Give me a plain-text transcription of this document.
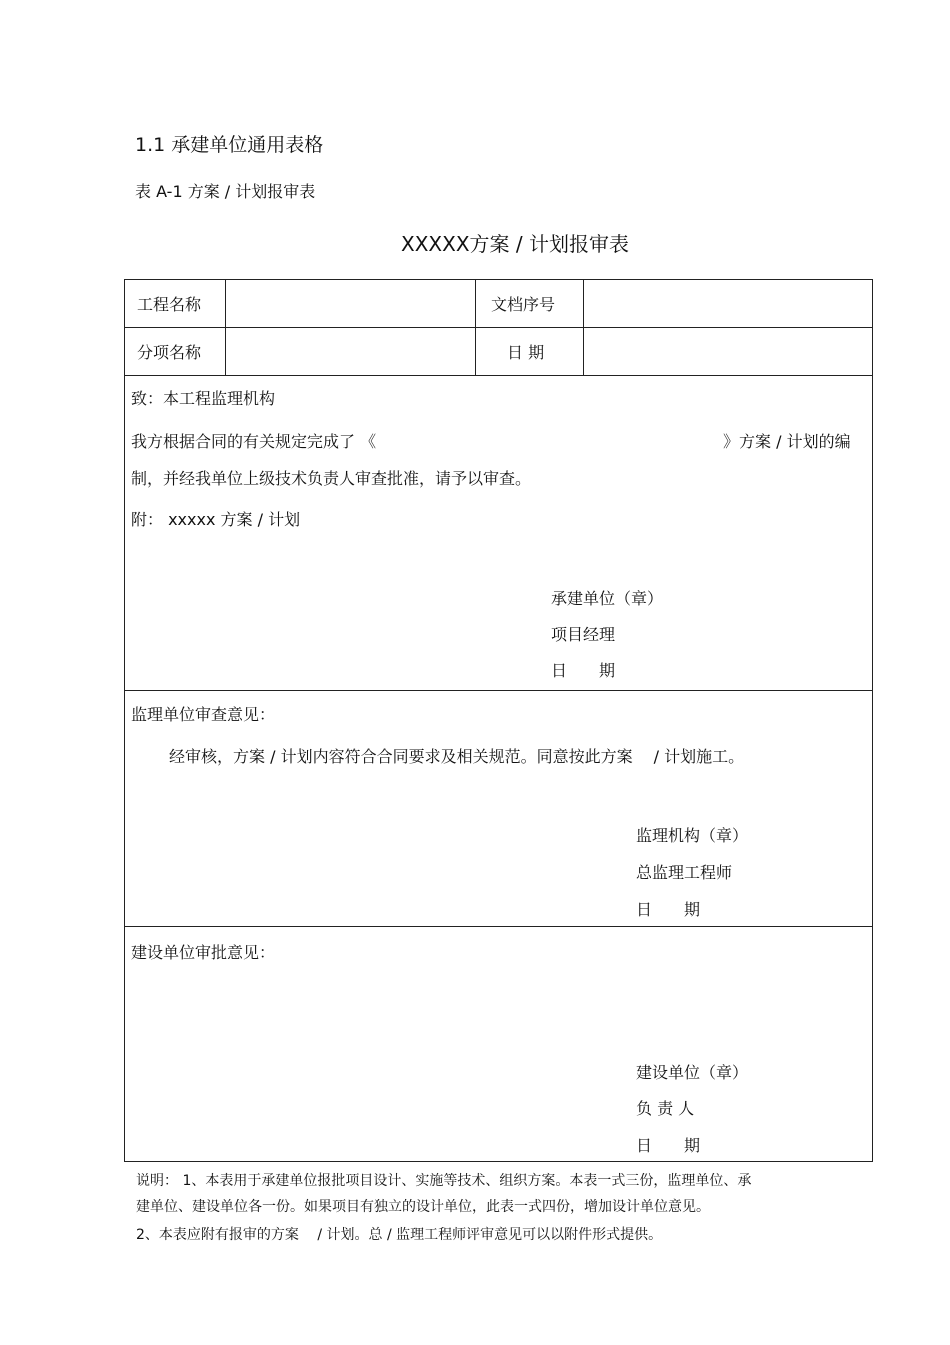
1.1 承建单位通用表格
表 A-1 方案 / 计划报审表
XXXXX方案 / 计划报审表
工程名称	文档序号
分项名称	日 期
致：本工程监理机构
我方根据合同的有关规定完成了 《	》方案 / 计划的编
制，并经我单位上级技术负责人审查批准，请予以审查。
附： xxxxx 方案 / 计划
承建单位（章）
项目经理
日　　期
监理单位审查意见：
经审核，方案 / 计划内容符合合同要求及相关规范。同意按此方案　 / 计划施工。
监理机构（章）
总监理工程师
日　　期
建设单位审批意见：
建设单位（章）
负 责 人
日　　期
说明： 1、本表用于承建单位报批项目设计、实施等技术、组织方案。本表一式三份，监理单位、承
建单位、建设单位各一份。如果项目有独立的设计单位，此表一式四份，增加设计单位意见。
2、本表应附有报审的方案　 / 计划。总 / 监理工程师评审意见可以以附件形式提供。
